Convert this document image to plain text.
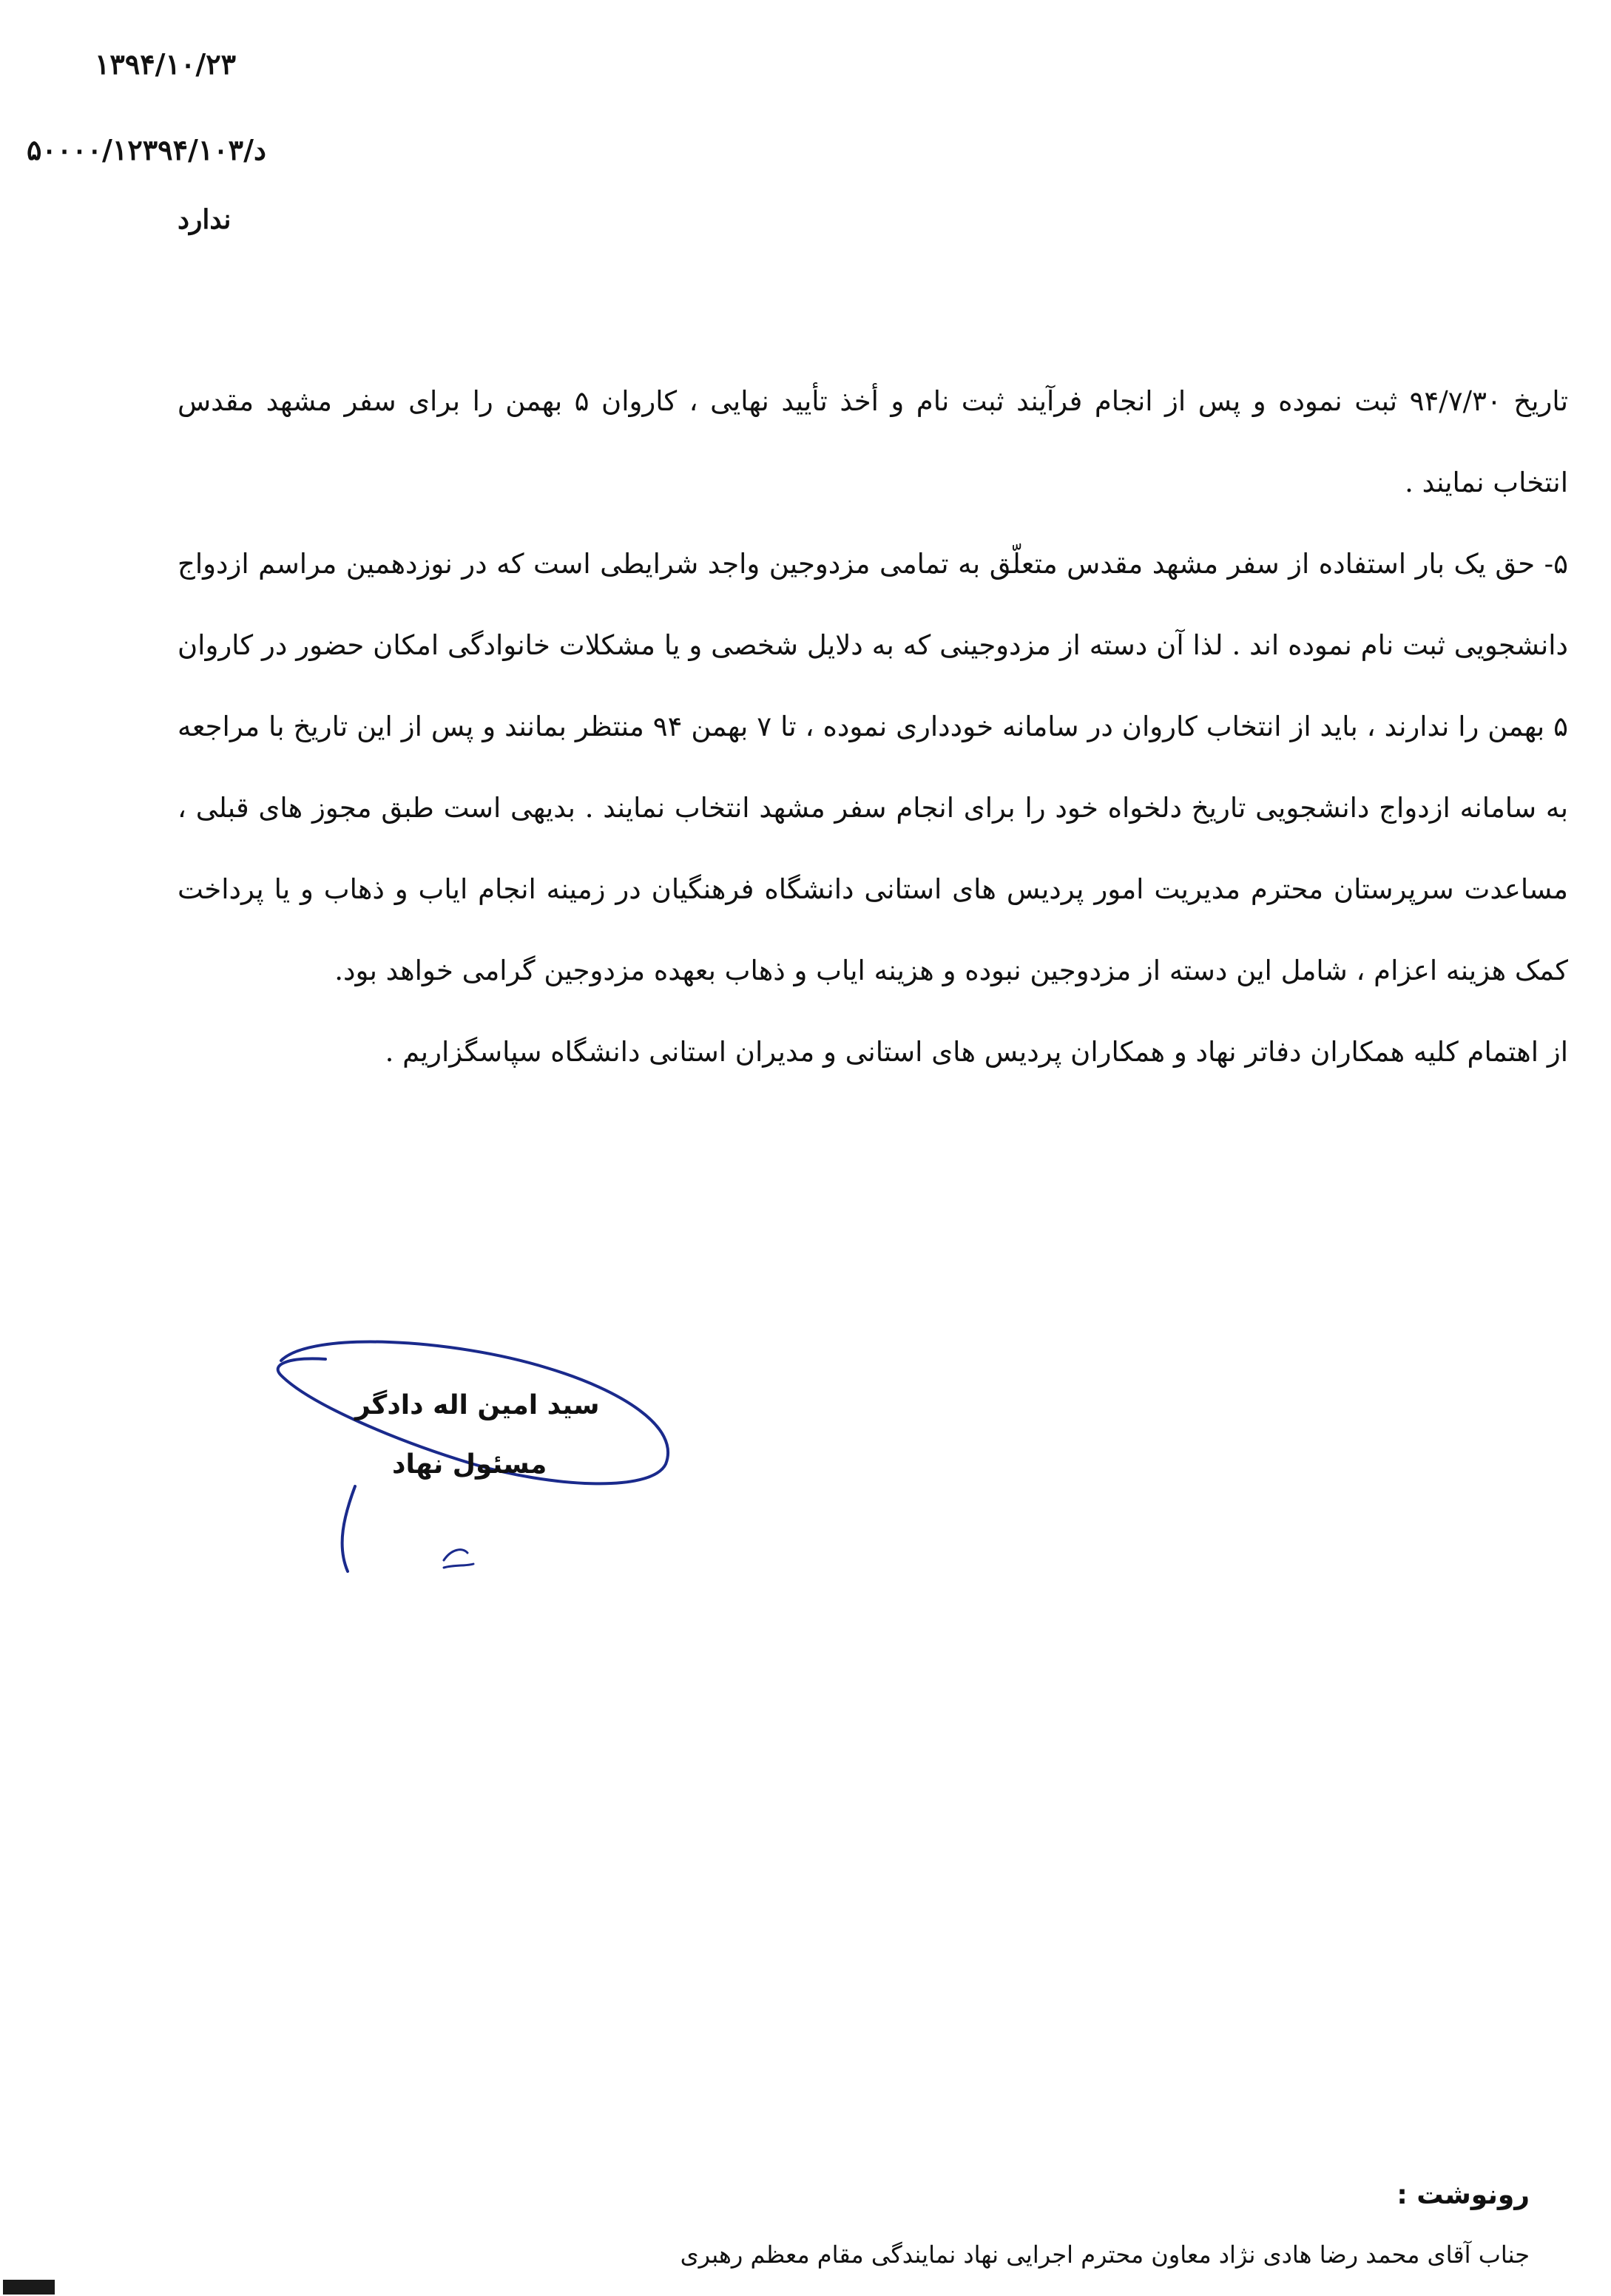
۱۳۹۴/۱۰/۲۳
د/۵۰۰۰۰/۱۲۳۹۴/۱۰۳
ندارد

تاریخ ۹۴/۷/۳۰ ثبت نموده و پس از انجام فرآیند ثبت نام و أخذ تأیید نهایی ، کاروان ۵ بهمن را برای سفر مشهد مقدس انتخاب نمایند .

۵- حق یک بار استفاده از سفر مشهد مقدس متعلّق به تمامی مزدوجین واجد شرایطی است که در نوزدهمین مراسم ازدواج دانشجویی ثبت نام نموده اند . لذا آن دسته از مزدوجینی که به دلایل شخصی و یا مشکلات خانوادگی امکان حضور در کاروان ۵ بهمن را ندارند ، باید از انتخاب کاروان در سامانه خودداری نموده ، تا ۷ بهمن ۹۴ منتظر بمانند و پس از این تاریخ با مراجعه به سامانه ازدواج دانشجویی تاریخ دلخواه خود را برای انجام سفر مشهد انتخاب نمایند . بدیهی است طبق مجوز های قبلی ، مساعدت سرپرستان محترم مدیریت امور پردیس های استانی دانشگاه فرهنگیان در زمینه انجام ایاب و ذهاب و یا پرداخت کمک هزینه اعزام ، شامل این دسته از مزدوجین نبوده و هزینه ایاب و ذهاب بعهده مزدوجین گرامی خواهد بود.

از اهتمام کلیه همکاران دفاتر نهاد و همکاران پردیس های استانی و مدیران استانی دانشگاه سپاسگزاریم .

سید امین اله دادگر
مسئول نهاد
رونوشت :
جناب آقای محمد رضا هادی نژاد معاون محترم اجرایی نهاد نمایندگی مقام معظم رهبری
